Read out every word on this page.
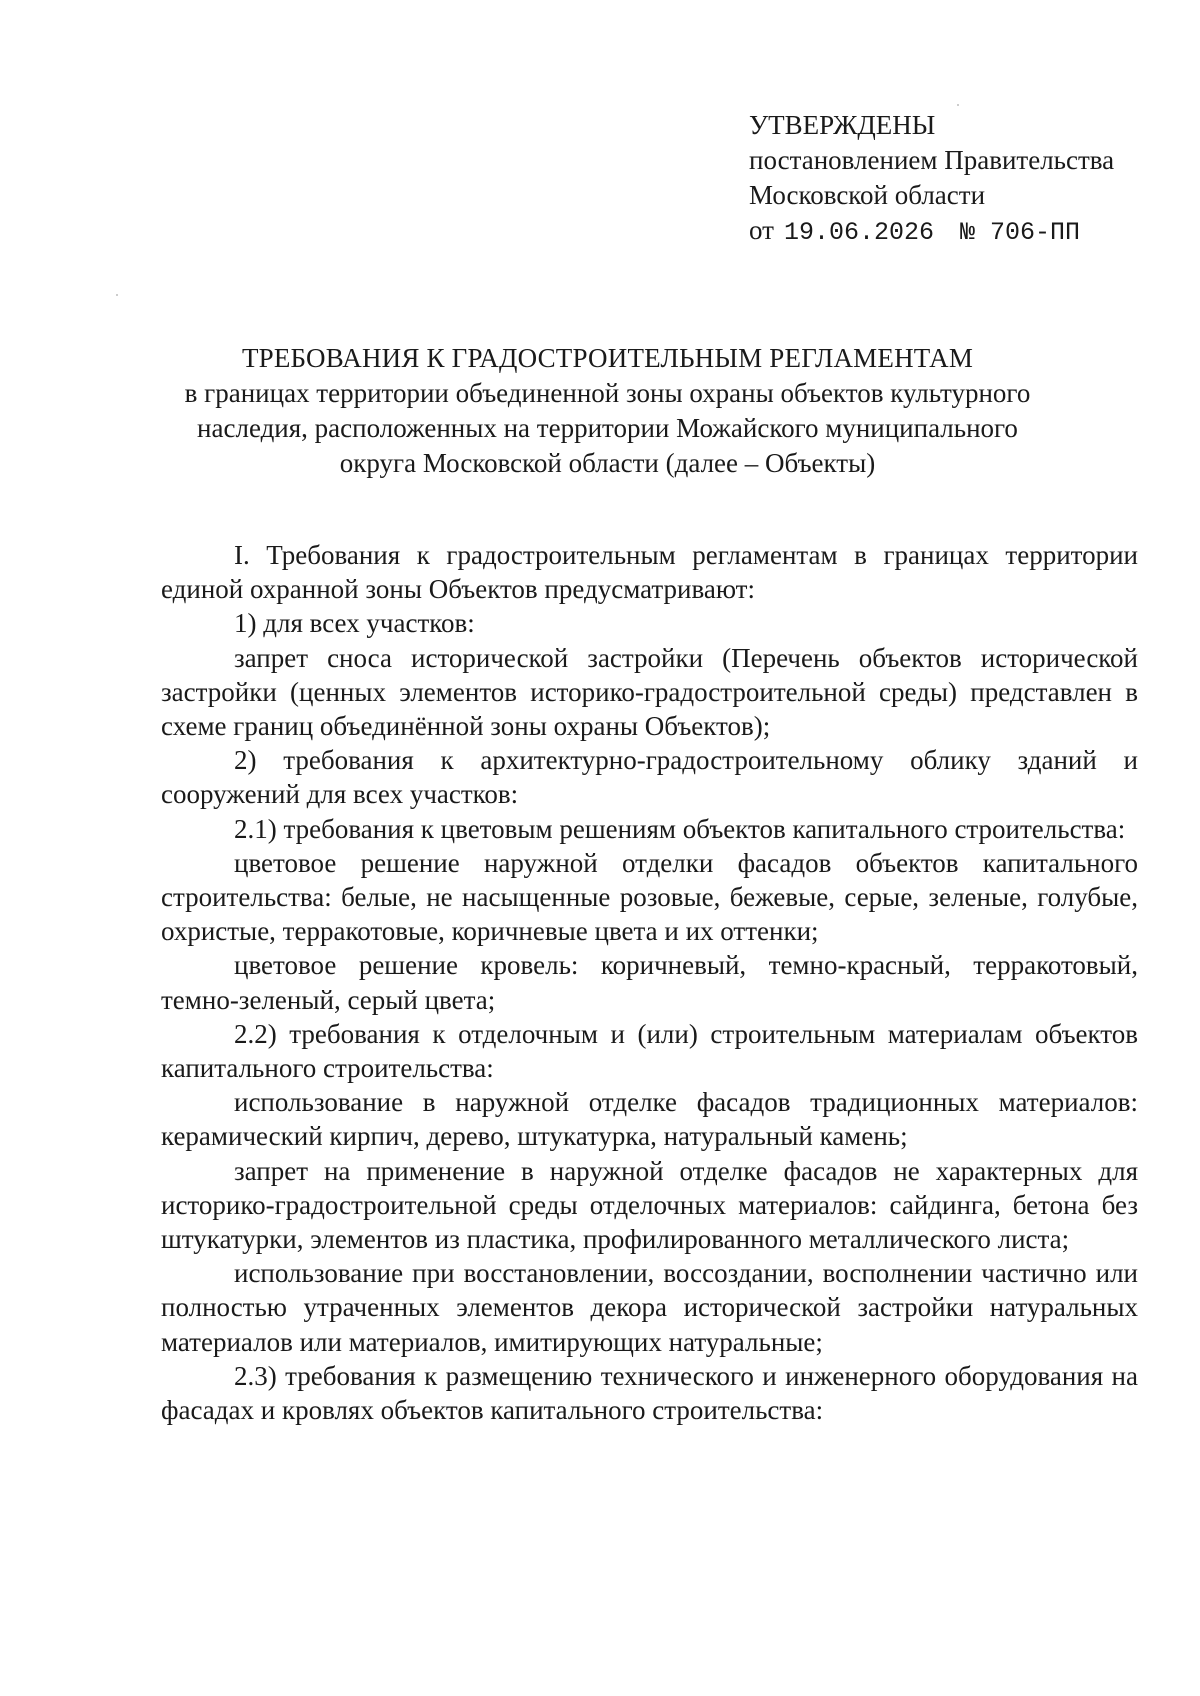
УТВЕРЖДЕНЫ
постановлением Правительства
Московской области
от 19.06.2026 № 706-ПП
ТРЕБОВАНИЯ К ГРАДОСТРОИТЕЛЬНЫМ РЕГЛАМЕНТАМ
в границах территории объединенной зоны охраны объектов культурного
наследия, расположенных на территории Можайского муниципального
округа Московской области (далее – Объекты)

I. Требования к градостроительным регламентам в границах территории единой охранной зоны Объектов предусматривают:

1) для всех участков:

запрет сноса исторической застройки (Перечень объектов исторической застройки (ценных элементов историко-градостроительной среды) представлен в схеме границ объединённой зоны охраны Объектов);

2) требования к архитектурно-градостроительному облику зданий и сооружений для всех участков:

2.1) требования к цветовым решениям объектов капитального строительства:

цветовое решение наружной отделки фасадов объектов капитального строительства: белые, не насыщенные розовые, бежевые, серые, зеленые, голубые, охристые, терракотовые, коричневые цвета и их оттенки;

цветовое решение кровель: коричневый, темно-красный, терракотовый, темно-зеленый, серый цвета;

2.2) требования к отделочным и (или) строительным материалам объектов капитального строительства:

использование в наружной отделке фасадов традиционных материалов: керамический кирпич, дерево, штукатурка, натуральный камень;

запрет на применение в наружной отделке фасадов не характерных для историко-градостроительной среды отделочных материалов: сайдинга, бетона без штукатурки, элементов из пластика, профилированного металлического листа;

использование при восстановлении, воссоздании, восполнении частично или полностью утраченных элементов декора исторической застройки натуральных материалов или материалов, имитирующих натуральные;

2.3) требования к размещению технического и инженерного оборудования на фасадах и кровлях объектов капитального строительства:
